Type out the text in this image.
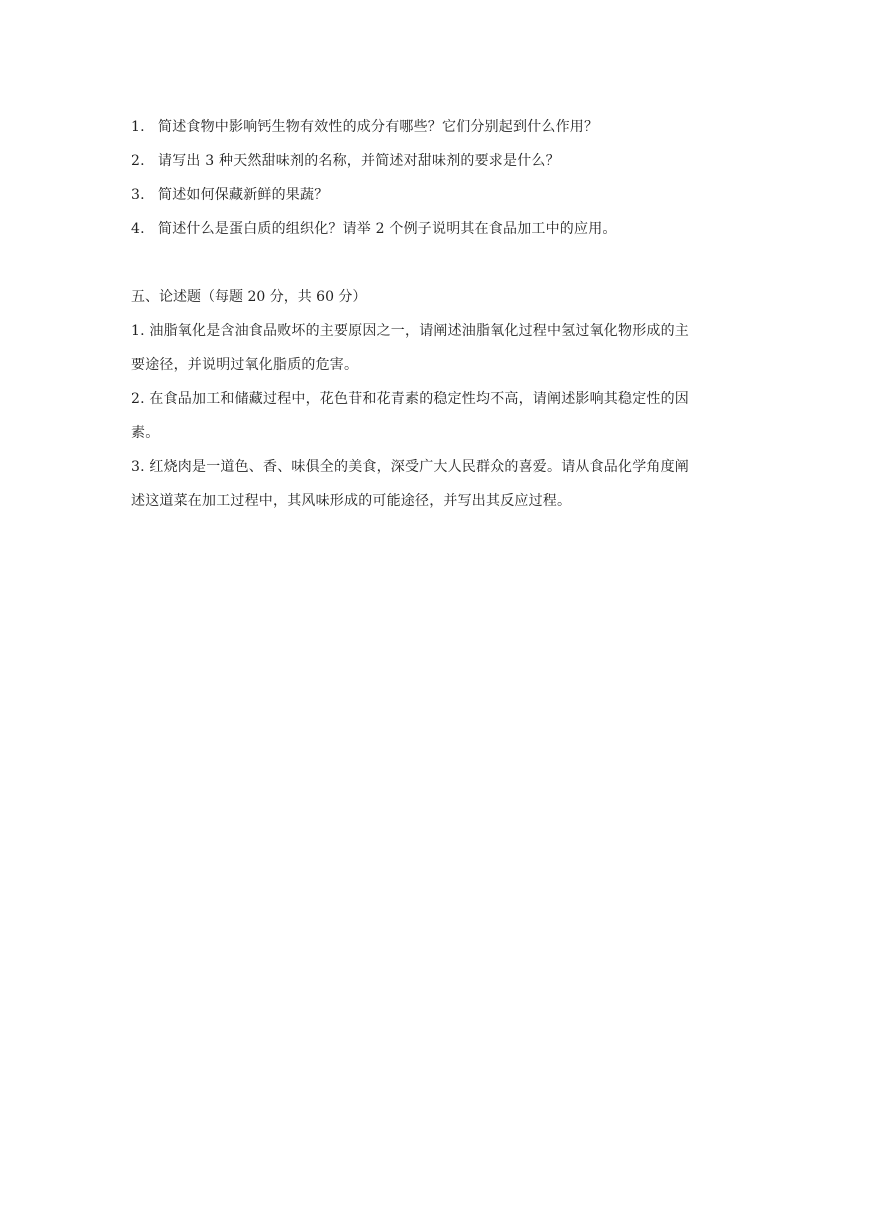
1. 简述食物中影响钙生物有效性的成分有哪些？它们分别起到什么作用？
2. 请写出 3 种天然甜味剂的名称，并简述对甜味剂的要求是什么？
3. 简述如何保藏新鲜的果蔬？
4. 简述什么是蛋白质的组织化？请举 2 个例子说明其在食品加工中的应用。
五、论述题（每题 20 分，共 60 分）
1. 油脂氧化是含油食品败坏的主要原因之一，请阐述油脂氧化过程中氢过氧化物形成的主
要途径，并说明过氧化脂质的危害。
2. 在食品加工和储藏过程中，花色苷和花青素的稳定性均不高，请阐述影响其稳定性的因
素。
3. 红烧肉是一道色、香、味俱全的美食，深受广大人民群众的喜爱。请从食品化学角度阐
述这道菜在加工过程中，其风味形成的可能途径，并写出其反应过程。
